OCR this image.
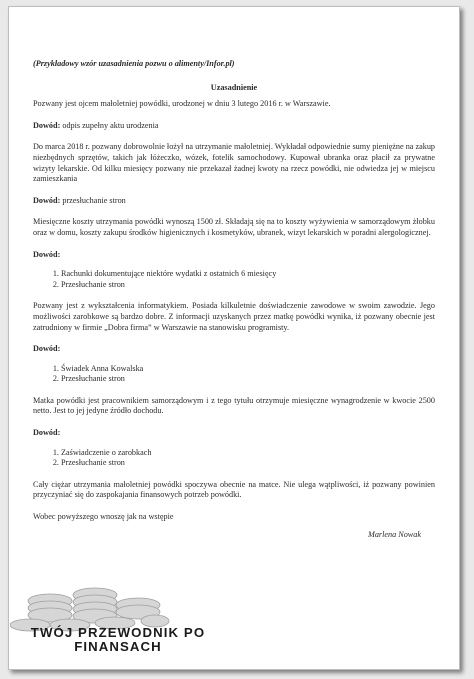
(Przykładowy wzór uzasadnienia pozwu o alimenty/Infor.pl)
Uzasadnienie

Pozwany jest ojcem małoletniej powódki, urodzonej w dniu 3 lutego 2016 r. w Warszawie.

Dowód: odpis zupełny aktu urodzenia

Do marca 2018 r. pozwany dobrowolnie łożył na utrzymanie małoletniej. Wykładał odpowiednie sumy pieniężne na zakup niezbędnych sprzętów, takich jak łóżeczko, wózek, fotelik samochodowy. Kupował ubranka oraz płacił za prywatne wizyty lekarskie. Od kilku miesięcy pozwany nie przekazał żadnej kwoty na rzecz powódki, nie odwiedza jej w miejscu zamieszkania

Dowód: przesłuchanie stron

Miesięczne koszty utrzymania powódki wynoszą 1500 zł. Składają się na to koszty wyżywienia w samorządowym żłobku oraz w domu, koszty zakupu środków higienicznych i kosmetyków, ubranek, wizyt lekarskich w poradni alergologicznej.

Dowód:
1. Rachunki dokumentujące niektóre wydatki z ostatnich 6 miesięcy
2. Przesłuchanie stron

Pozwany jest z wykształcenia informatykiem. Posiada kilkuletnie doświadczenie zawodowe w swoim zawodzie. Jego możliwości zarobkowe są bardzo dobre. Z informacji uzyskanych przez matkę powódki wynika, iż pozwany obecnie jest zatrudniony w firmie „Dobra firma” w Warszawie na stanowisku programisty.

Dowód:
1. Świadek Anna Kowalska
2. Przesłuchanie stron

Matka powódki jest pracownikiem samorządowym i z tego tytułu otrzymuje miesięczne wynagrodzenie w kwocie 2500 netto. Jest to jej jedyne źródło dochodu.

Dowód:
1. Zaświadczenie o zarobkach
2. Przesłuchanie stron

Cały ciężar utrzymania małoletniej powódki spoczywa obecnie na matce. Nie ulega wątpliwości, iż pozwany powinien przyczyniać się do zaspokajania finansowych potrzeb powódki.

Wobec powyższego wnoszę jak na wstępie
Marlena Nowak
TWÓJ PRZEWODNIK PO
FINANSACH
